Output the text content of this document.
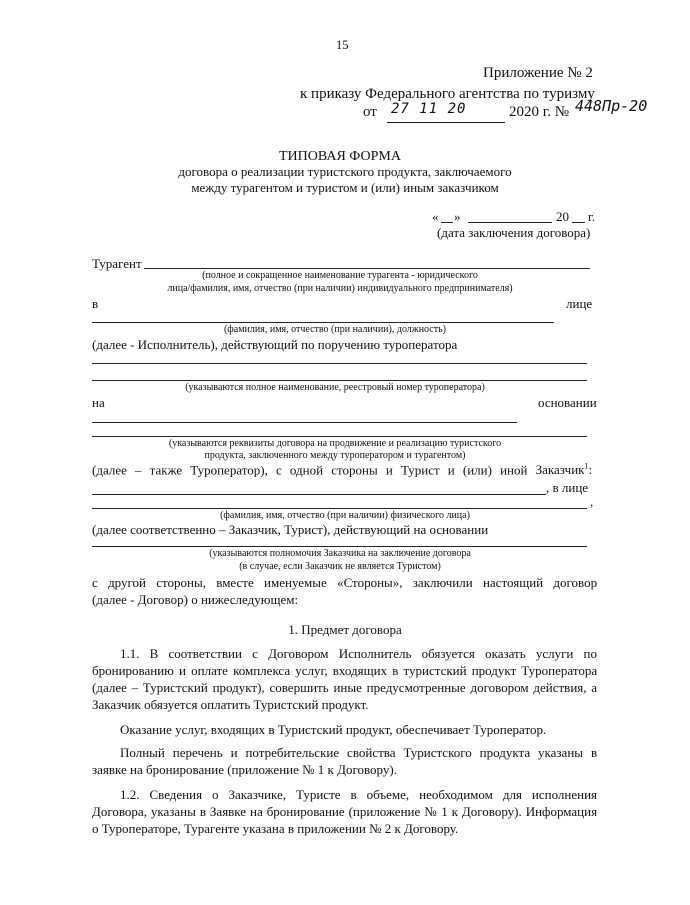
15
Приложение № 2
к приказу Федерального агентства по туризму
от 27 11 20	2020 г. № 448Пр-20
ТИПОВАЯ ФОРМА
договора о реализации туристского продукта, заключаемого
между турагентом и туристом и (или) иным заказчиком
« »	20 г.
(дата заключения договора)
Турагент
(полное и сокращенное наименование турагента - юридического
лица/фамилия, имя, отчество (при наличии) индивидуального предпринимателя)
в	лице
(фамилия, имя, отчество (при наличии), должность)
(далее - Исполнитель), действующий по поручению туроператора
(указываются полное наименование, реестровый номер туроператора)
на	основании
(указываются реквизиты договора на продвижение и реализацию туристского
продукта, заключенного между туроператором и турагентом)
(далее – также Туроператор), с одной стороны и Турист и (или) иной Заказчик$^1$:
, в лице
,
(фамилия, имя, отчество (при наличии) физического лица)
(далее соответственно – Заказчик, Турист), действующий на основании
(указываются полномочия Заказчика на заключение договора
(в случае, если Заказчик не является Туристом)
с другой стороны, вместе именуемые «Стороны», заключили настоящий договор
(далее - Договор) о нижеследующем:
1. Предмет договора
1.1. В соответствии с Договором Исполнитель обязуется оказать услуги по
бронированию и оплате комплекса услуг, входящих в туристский продукт Туроператора
(далее – Туристский продукт), совершить иные предусмотренные договором действия, а
Заказчик обязуется оплатить Туристский продукт.
Оказание услуг, входящих в Туристский продукт, обеспечивает Туроператор.
Полный перечень и потребительские свойства Туристского продукта указаны в
заявке на бронирование (приложение № 1 к Договору).
1.2. Сведения о Заказчике, Туристе в объеме, необходимом для исполнения
Договора, указаны в Заявке на бронирование (приложение № 1 к Договору). Информация
о Туроператоре, Турагенте указана в приложении № 2 к Договору.
